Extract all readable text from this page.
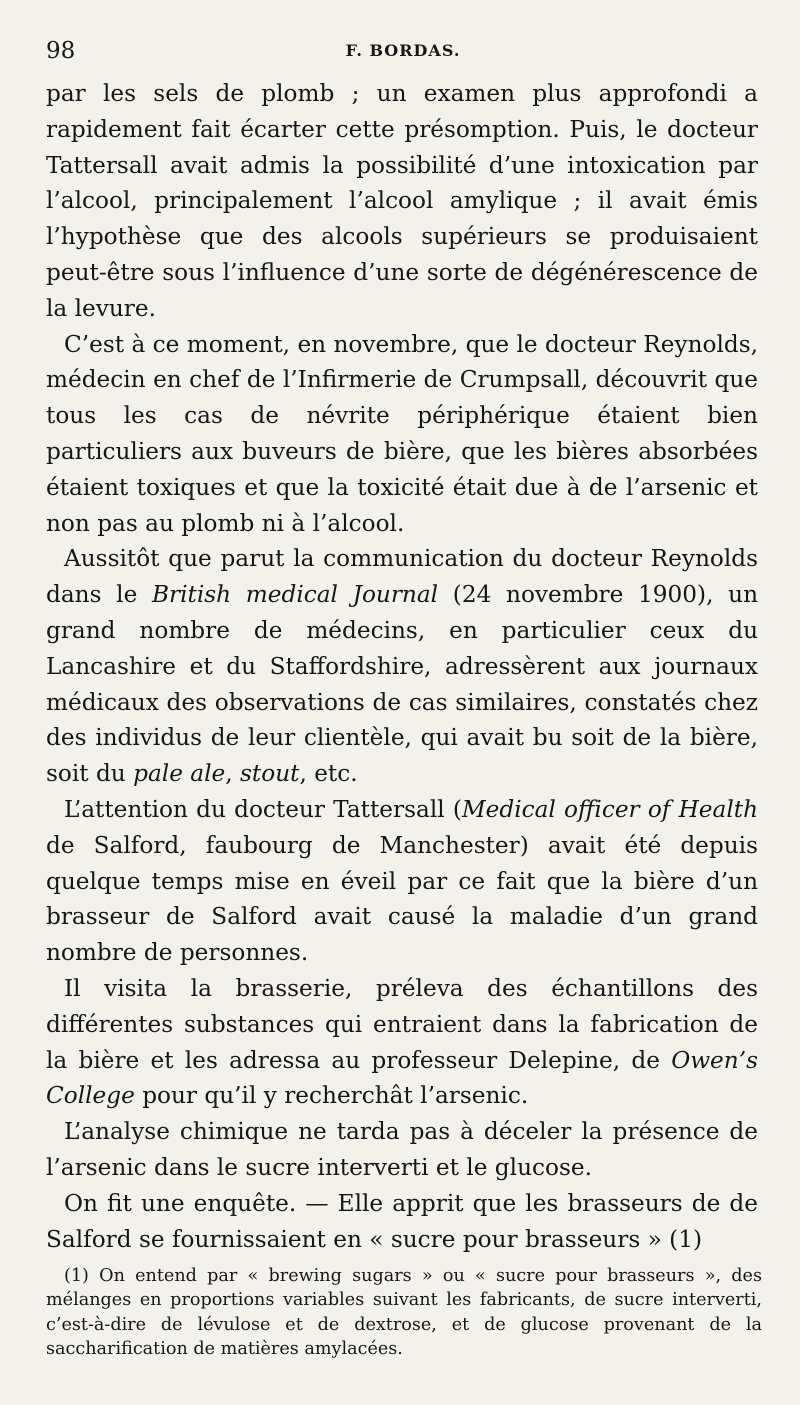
98	F. BORDAS.

par les sels de plomb ; un examen plus approfondi a rapidement fait écarter cette présomption. Puis, le docteur Tattersall avait admis la possibilité d’une intoxication par l’alcool, principalement l’alcool amylique ; il avait émis l’hypothèse que des alcools supérieurs se produisaient peut-être sous l’influence d’une sorte de dégénérescence de la levure.

C’est à ce moment, en novembre, que le docteur Reynolds, médecin en chef de l’Infirmerie de Crumpsall, découvrit que tous les cas de névrite périphérique étaient bien particuliers aux buveurs de bière, que les bières absorbées étaient toxiques et que la toxicité était due à de l’arsenic et non pas au plomb ni à l’alcool.

Aussitôt que parut la communication du docteur Reynolds dans le British medical Journal (24 novembre 1900), un grand nombre de médecins, en particulier ceux du Lancashire et du Staffordshire, adressèrent aux journaux médicaux des observations de cas similaires, constatés chez des individus de leur clientèle, qui avait bu soit de la bière, soit du pale ale, stout, etc.

L’attention du docteur Tattersall (Medical officer of Health de Salford, faubourg de Manchester) avait été depuis quelque temps mise en éveil par ce fait que la bière d’un brasseur de Salford avait causé la maladie d’un grand nombre de personnes.

Il visita la brasserie, préleva des échantillons des différentes substances qui entraient dans la fabrication de la bière et les adressa au professeur Delepine, de Owen’s College pour qu’il y recherchât l’arsenic.

L’analyse chimique ne tarda pas à déceler la présence de l’arsenic dans le sucre interverti et le glucose.

On fit une enquête. — Elle apprit que les brasseurs de de Salford se fournissaient en « sucre pour brasseurs » (1)

(1) On entend par « brewing sugars » ou « sucre pour brasseurs », des mélanges en proportions variables suivant les fabricants, de sucre interverti, c’est-à-dire de lévulose et de dextrose, et de glucose provenant de la saccharification de matières amylacées.
